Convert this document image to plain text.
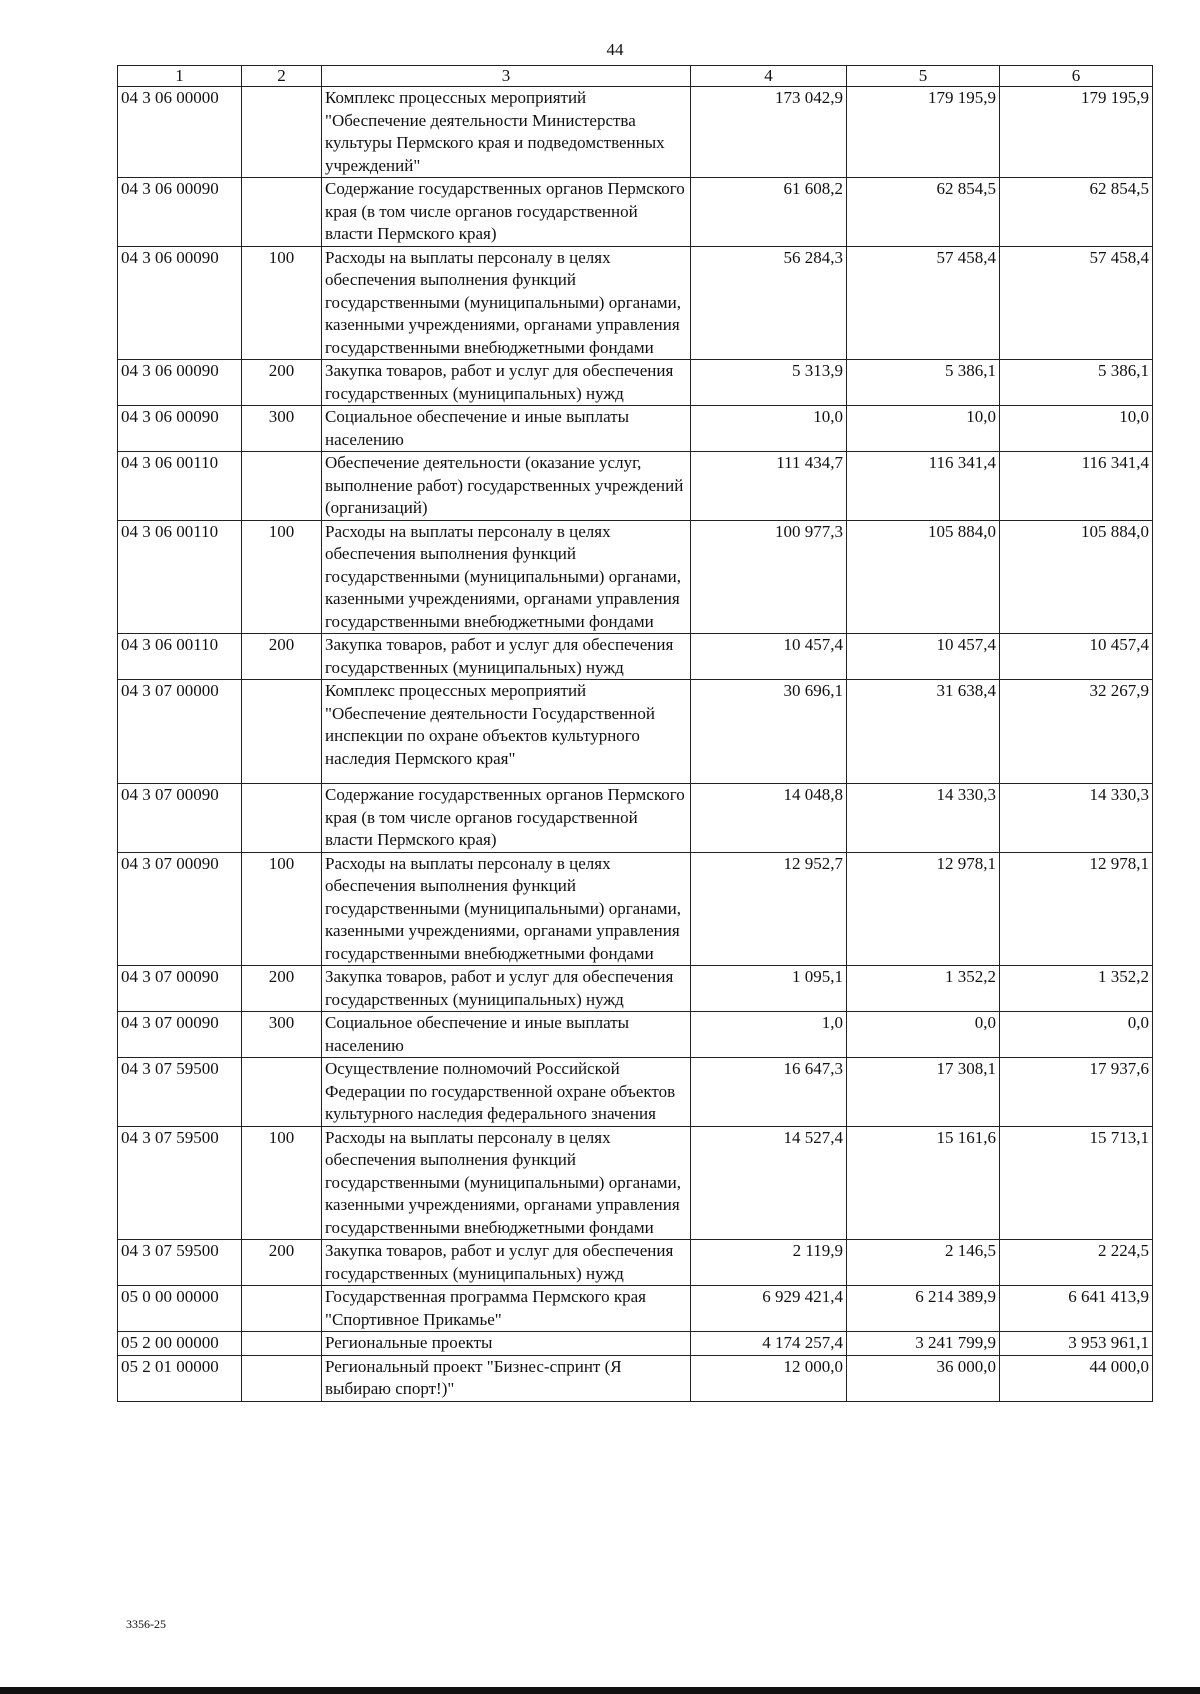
44
1	2	3	4	5	6
04 3 06 00000		Комплекс процессных мероприятий "Обеспечение деятельности Министерства культуры Пермского края и подведомственных учреждений"	173 042,9	179 195,9	179 195,9
04 3 06 00090		Содержание государственных органов Пермского края (в том числе органов государственной власти Пермского края)	61 608,2	62 854,5	62 854,5
04 3 06 00090	100	Расходы на выплаты персоналу в целях обеспечения выполнения функций государственными (муниципальными) органами, казенными учреждениями, органами управления государственными внебюджетными фондами	56 284,3	57 458,4	57 458,4
04 3 06 00090	200	Закупка товаров, работ и услуг для обеспечения государственных (муниципальных) нужд	5 313,9	5 386,1	5 386,1
04 3 06 00090	300	Социальное обеспечение и иные выплаты населению	10,0	10,0	10,0
04 3 06 00110		Обеспечение деятельности (оказание услуг, выполнение работ) государственных учреждений (организаций)	111 434,7	116 341,4	116 341,4
04 3 06 00110	100	Расходы на выплаты персоналу в целях обеспечения выполнения функций государственными (муниципальными) органами, казенными учреждениями, органами управления государственными внебюджетными фондами	100 977,3	105 884,0	105 884,0
04 3 06 00110	200	Закупка товаров, работ и услуг для обеспечения государственных (муниципальных) нужд	10 457,4	10 457,4	10 457,4
04 3 07 00000		Комплекс процессных мероприятий "Обеспечение деятельности Государственной инспекции по охране объектов культурного наследия Пермского края"	30 696,1	31 638,4	32 267,9
04 3 07 00090		Содержание государственных органов Пермского края (в том числе органов государственной власти Пермского края)	14 048,8	14 330,3	14 330,3
04 3 07 00090	100	Расходы на выплаты персоналу в целях обеспечения выполнения функций государственными (муниципальными) органами, казенными учреждениями, органами управления государственными внебюджетными фондами	12 952,7	12 978,1	12 978,1
04 3 07 00090	200	Закупка товаров, работ и услуг для обеспечения государственных (муниципальных) нужд	1 095,1	1 352,2	1 352,2
04 3 07 00090	300	Социальное обеспечение и иные выплаты населению	1,0	0,0	0,0
04 3 07 59500		Осуществление полномочий Российской Федерации по государственной охране объектов культурного наследия федерального значения	16 647,3	17 308,1	17 937,6
04 3 07 59500	100	Расходы на выплаты персоналу в целях обеспечения выполнения функций государственными (муниципальными) органами, казенными учреждениями, органами управления государственными внебюджетными фондами	14 527,4	15 161,6	15 713,1
04 3 07 59500	200	Закупка товаров, работ и услуг для обеспечения государственных (муниципальных) нужд	2 119,9	2 146,5	2 224,5
05 0 00 00000		Государственная программа Пермского края "Спортивное Прикамье"	6 929 421,4	6 214 389,9	6 641 413,9
05 2 00 00000		Региональные проекты	4 174 257,4	3 241 799,9	3 953 961,1
05 2 01 00000		Региональный проект "Бизнес-спринт (Я выбираю спорт!)"	12 000,0	36 000,0	44 000,0
3356-25
